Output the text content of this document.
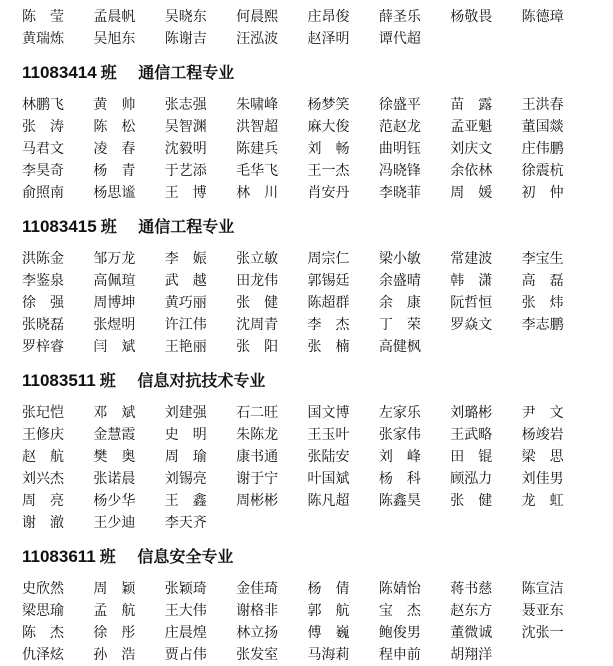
陈　莹	孟晨帆	吴晓东	何晨熙	庄昂俊	薛圣乐	杨敬畏	陈德璋
黄瑞炼	吴旭东	陈谢吉	汪泓波	赵泽明	谭代超
11083414 班 通信工程专业
林鹏飞	黄　帅	张志强	朱啸峰	杨梦笑	徐盛平	苗　露	王洪春
张　涛	陈　松	吴智渊	洪智超	麻大俊	范赵龙	孟亚魁	董国燚
马君文	凌　春	沈毅明	陈建兵	刘　畅	曲明钰	刘庆文	庄伟鹏
李昊奇	杨　青	于艺添	毛华飞	王一杰	冯晓锋	余依林	徐震杭
俞照南	杨思谧	王　博	林　川	肖安丹	李晓菲	周　媛	初　仲
11083415 班 通信工程专业
洪陈金	邹万龙	李　娠	张立敏	周宗仁	梁小敏	常建波	李宝生
李鉴泉	高佩瑄	武　越	田龙伟	郭锡廷	余盛晴	韩　潇	高　磊
徐　强	周博坤	黄巧丽	张　健	陈超群	余　康	阮哲恒	张　炜
张晓磊	张煜明	许江伟	沈周青	李　杰	丁　荣	罗焱文	李志鹏
罗梓睿	闫　斌	王艳丽	张　阳	张　楠	高健枫
11083511 班 信息对抗技术专业
张玘恺	邓　斌	刘建强	石二旺	国文博	左家乐	刘璐彬	尹　文
王修庆	金慧霞	史　明	朱陈龙	王玉叶	张家伟	王武略	杨竣岩
赵　航	樊　奥	周　瑜	康书通	张陆安	刘　峰	田　锟	梁　思
刘兴杰	张诺晨	刘锡亮	谢于宁	叶国斌	杨　科	顾泓力	刘佳男
周　亮	杨少华	王　鑫	周彬彬	陈凡超	陈鑫昊	张　健	龙　虹
谢　澈	王少迪	李天齐
11083611 班 信息安全专业
史欣然	周　颖	张颖琦	金佳琦	杨　倩	陈婧怡	蒋书慈	陈宣洁
梁思瑜	孟　航	王大伟	谢格非	郭　航	宝　杰	赵东方	聂亚东
陈　杰	徐　彤	庄晨煌	林立扬	傅　巍	鲍俊男	董微诚	沈张一
仇泽炫	孙　浩	贾占伟	张发室	马海莉	程申前	胡翔洋
